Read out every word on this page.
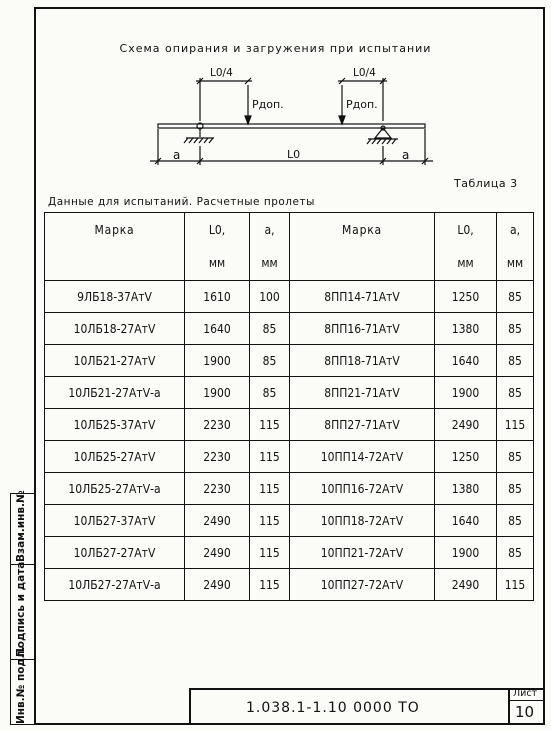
Взам.инв.№
Подпись и дата
Инв.№ подл.
Схема опирания и загружения при испытании
L0/4	L0/4
Pдоп.	Pдоп.
a	L0	a
Таблица 3
Данные для испытаний. Расчетные пролеты
Марка	L0,	a,	Марка	L0,	a,
	мм	мм		мм	мм
9ЛБ18-37АтⅤ	1610	100	8ПП14-71АтⅤ	1250	85
10ЛБ18-27АтⅤ	1640	85	8ПП16-71АтⅤ	1380	85
10ЛБ21-27АтⅤ	1900	85	8ПП18-71АтⅤ	1640	85
10ЛБ21-27АтⅤ-а	1900	85	8ПП21-71АтⅤ	1900	85
10ЛБ25-37АтⅤ	2230	115	8ПП27-71АтⅤ	2490	115
10ЛБ25-27АтⅤ	2230	115	10ПП14-72АтⅤ	1250	85
10ЛБ25-27АтⅤ-а	2230	115	10ПП16-72АтⅤ	1380	85
10ЛБ27-37АтⅤ	2490	115	10ПП18-72АтⅤ	1640	85
10ЛБ27-27АтⅤ	2490	115	10ПП21-72АтⅤ	1900	85
10ЛБ27-27АтⅤ-а	2490	115	10ПП27-72АтⅤ	2490	115
1.038.1-1.10 0000 ТО
Лист
10
